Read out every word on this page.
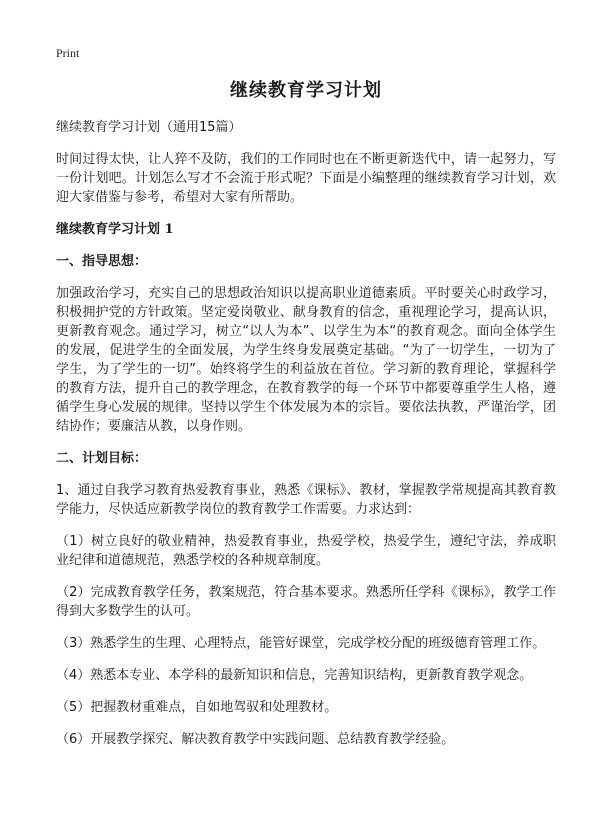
Print
继续教育学习计划
继续教育学习计划（通用15篇）

时间过得太快，让人猝不及防，我们的工作同时也在不断更新迭代中，请一起努力，写一份计划吧。计划怎么写才不会流于形式呢？下面是小编整理的继续教育学习计划，欢迎大家借鉴与参考，希望对大家有所帮助。

继续教育学习计划 1
一、指导思想：

加强政治学习，充实自己的思想政治知识以提高职业道德素质。平时要关心时政学习，积极拥护党的方针政策。坚定爱岗敬业、献身教育的信念，重视理论学习，提高认识，更新教育观念。通过学习，树立“以人为本”、以学生为本“的教育观念。面向全体学生的发展，促进学生的全面发展，为学生终身发展奠定基础。“为了一切学生，一切为了学生，为了学生的一切”。始终将学生的利益放在首位。学习新的教育理论，掌握科学的教育方法，提升自己的教学理念，在教育教学的每一个环节中都要尊重学生人格，遵循学生身心发展的规律。坚持以学生个体发展为本的宗旨。要依法执教，严谨治学，团结协作；要廉洁从教，以身作则。

二、计划目标：

1、通过自我学习教育热爱教育事业，熟悉《课标》、教材，掌握教学常规提高其教育教学能力，尽快适应新教学岗位的教育教学工作需要。力求达到：

（1）树立良好的敬业精神，热爱教育事业，热爱学校，热爱学生，遵纪守法，养成职业纪律和道德规范，熟悉学校的各种规章制度。

（2）完成教育教学任务，教案规范，符合基本要求。熟悉所任学科《课标》，教学工作得到大多数学生的认可。

（3）熟悉学生的生理、心理特点，能管好课堂，完成学校分配的班级德育管理工作。

（4）熟悉本专业、本学科的最新知识和信息，完善知识结构，更新教育教学观念。

（5）把握教材重难点，自如地驾驭和处理教材。

（6）开展教学探究、解决教育教学中实践问题、总结教育教学经验。
